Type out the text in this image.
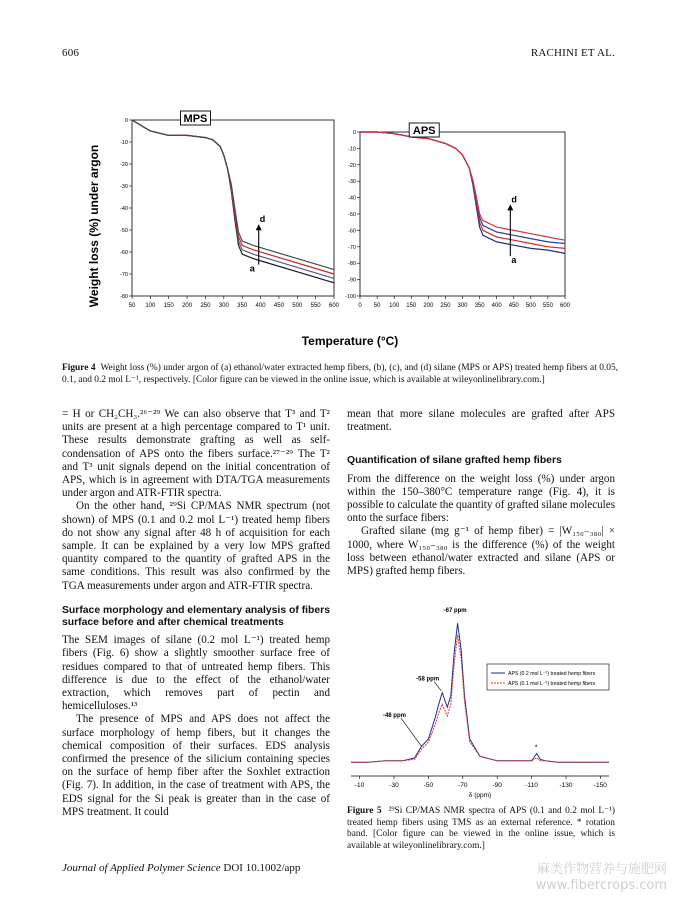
606	RACHINI ET AL.
Weight loss (%) under argon
Temperature (°C)
50 100 150 200 250 300 350 400 450 500 550 600
0
-10
-20
-30
-40
-50
-60
-70
-80
MPS
a
d
0 50 100 150 200 250 300 350 400 450 500 550 600
0
-10
-20
-30
-40
-50
-60
-70
-80
-90
-100
APS
a
d
Figure 4 Weight loss (%) under argon of (a) ethanol/water extracted hemp fibers, (b), (c), and (d) silane (MPS or APS) treated hemp fibers at 0.05, 0.1, and 0.2 mol L⁻¹, respectively. [Color figure can be viewed in the online issue, which is available at wileyonlinelibrary.com.]

= H or CH₂CH₃.²⁶⁻²⁹ We can also observe that T³ and T² units are present at a high percentage compared to T¹ unit. These results demonstrate grafting as well as self-condensation of APS onto the fibers surface.²⁷⁻²⁹ The T² and T³ unit signals depend on the initial concentration of APS, which is in agreement with DTA/TGA measurements under argon and ATR-FTIR spectra.

On the other hand, ²⁹Si CP/MAS NMR spectrum (not shown) of MPS (0.1 and 0.2 mol L⁻¹) treated hemp fibers do not show any signal after 48 h of acquisition for each sample. It can be explained by a very low MPS grafted quantity compared to the quantity of grafted APS in the same conditions. This result was also confirmed by the TGA measurements under argon and ATR-FTIR spectra.

Surface morphology and elementary analysis of fibers surface before and after chemical treatments

The SEM images of silane (0.2 mol L⁻¹) treated hemp fibers (Fig. 6) show a slightly smoother surface free of residues compared to that of untreated hemp fibers. This difference is due to the effect of the ethanol/water extraction, which removes part of pectin and hemicelluloses.¹³

The presence of MPS and APS does not affect the surface morphology of hemp fibers, but it changes the chemical composition of their surfaces. EDS analysis confirmed the presence of the silicium containing species on the surface of hemp fiber after the Soxhlet extraction (Fig. 7). In addition, in the case of treatment with APS, the EDS signal for the Si peak is greater than in the case of MPS treatment. It could

mean that more silane molecules are grafted after APS treatment.

Quantification of silane grafted hemp fibers

From the difference on the weight loss (%) under argon within the 150–380°C temperature range (Fig. 4), it is possible to calculate the quantity of grafted silane molecules onto the surface fibers:

Grafted silane (mg g⁻¹ of hemp fiber) = |W₁₅₀₋₃₈₀| × 1000, where W₁₅₀₋₃₈₀ is the difference (%) of the weight loss between ethanol/water extracted and silane (APS or MPS) grafted hemp fibers.

-10	-30	-50	-70	-90	-110	-130	-150
δ (ppm)
-67 ppm
-58 ppm
-48 ppm
*
APS (0.2 mol L⁻¹) treated hemp fibers
APS (0.1 mol L⁻¹) treated hemp fibers
Figure 5 ²⁹Si CP/MAS NMR spectra of APS (0.1 and 0.2 mol L⁻¹) treated hemp fibers using TMS as an external reference. * rotation band. [Color figure can be viewed in the online issue, which is available at wileyonlinelibrary.com.]
Journal of Applied Polymer Science DOI 10.1002/app	麻类作物营养与施肥网
www.fibercrops.com
